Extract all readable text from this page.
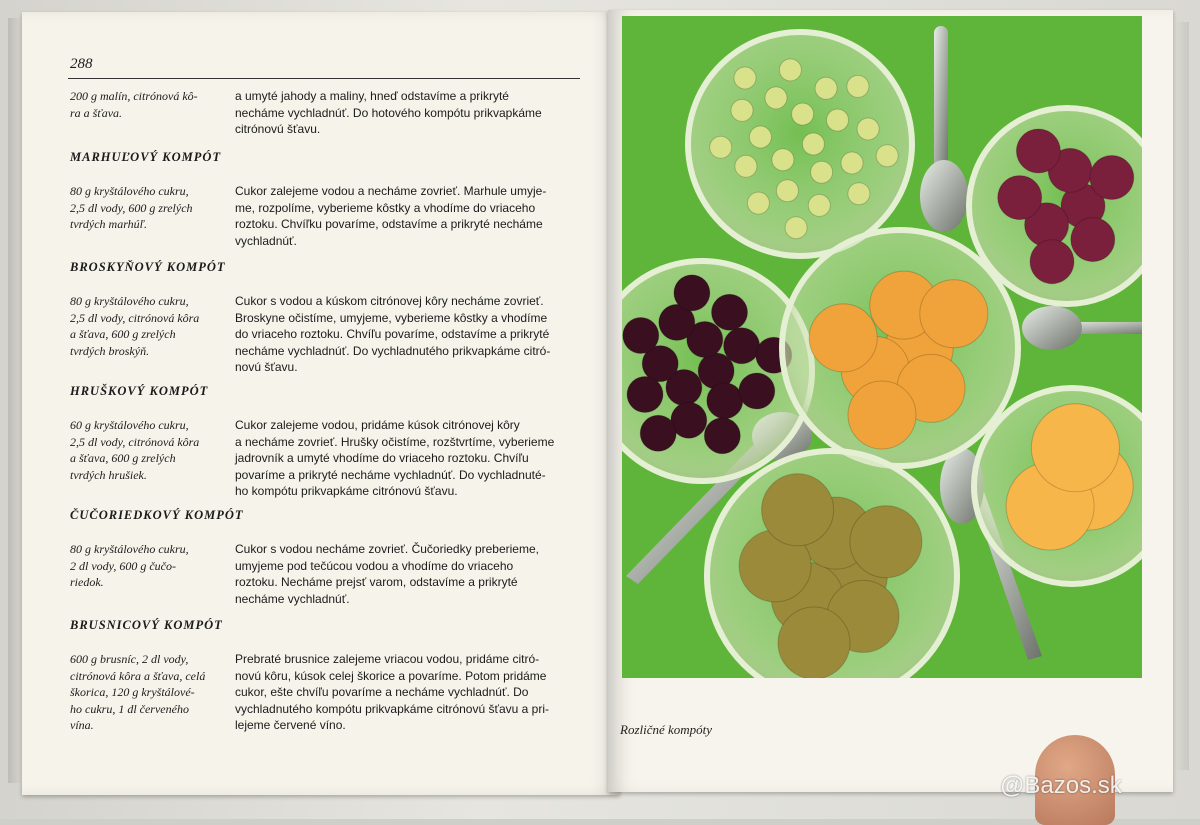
288
200 g malín, citrónová kô-
ra a šťava.
a umyté jahody a maliny, hneď odstavíme a prikryté
necháme vychladnúť. Do hotového kompótu prikvapkáme
citrónovú šťavu.
MARHUĽOVÝ KOMPÓT
80 g kryštálového cukru,
2,5 dl vody, 600 g zrelých
tvrdých marhúľ.
Cukor zalejeme vodou a necháme zovrieť. Marhule umyje-
me, rozpolíme, vyberieme kôstky a vhodíme do vriaceho
roztoku. Chvíľku povaríme, odstavíme a prikryté necháme
vychladnúť.
BROSKYŇOVÝ KOMPÓT
80 g kryštálového cukru,
2,5 dl vody, citrónová kôra
a šťava, 600 g zrelých
tvrdých broskýň.
Cukor s vodou a kúskom citrónovej kôry necháme zovrieť.
Broskyne očistíme, umyjeme, vyberieme kôstky a vhodíme
do vriaceho roztoku. Chvíľu povaríme, odstavíme a prikryté
necháme vychladnúť. Do vychladnutého prikvapkáme citró-
novú šťavu.
HRUŠKOVÝ KOMPÓT
60 g kryštálového cukru,
2,5 dl vody, citrónová kôra
a šťava, 600 g zrelých
tvrdých hrušiek.
Cukor zalejeme vodou, pridáme kúsok citrónovej kôry
a necháme zovrieť. Hrušky očistíme, rozštvrtíme, vyberieme
jadrovník a umyté vhodíme do vriaceho roztoku. Chvíľu
povaríme a prikryté necháme vychladnúť. Do vychladnuté-
ho kompótu prikvapkáme citrónovú šťavu.
ČUČORIEDKOVÝ KOMPÓT
80 g kryštálového cukru,
2 dl vody, 600 g čučo-
riedok.
Cukor s vodou necháme zovrieť. Čučoriedky preberieme,
umyjeme pod tečúcou vodou a vhodíme do vriaceho
roztoku. Necháme prejsť varom, odstavíme a prikryté
necháme vychladnúť.
BRUSNICOVÝ KOMPÓT
600 g brusníc, 2 dl vody,
citrónová kôra a šťava, celá
škorica, 120 g kryštálové-
ho cukru, 1 dl červeného
vína.
Prebraté brusnice zalejeme vriacou vodou, pridáme citró-
novú kôru, kúsok celej škorice a povaríme. Potom pridáme
cukor, ešte chvíľu povaríme a necháme vychladnúť. Do
vychladnutého kompótu prikvapkáme citrónovú šťavu a pri-
lejeme červené víno.	Rozličné kompóty
@Bazos.sk
